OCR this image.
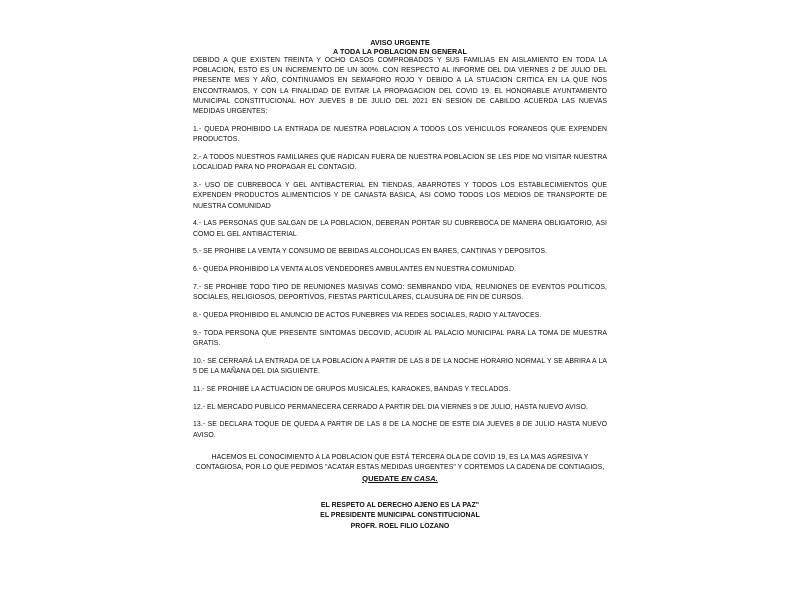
AVISO URGENTE

A TODA LA POBLACION EN GENERAL

DEBIDO A QUE EXISTEN TREINTA Y OCHO CASOS COMPROBADOS Y SUS FAMILIAS EN AISLAMIENTO EN TODA LA POBLACION, ESTO ES UN INCREMENTO DE UN 300%. CON RESPECTO AL INFORME DEL DIA VIERNES 2 DE JULIO DEL PRESENTE MES Y AÑO, CONTINUAMOS EN SEMAFORO ROJO Y DEBIDO A LA STUACION CRITICA EN LA QUE NOS ENCONTRAMOS, Y CON LA FINALIDAD DE EVITAR LA PROPAGACION DEL COVID 19. EL HONORABLE AYUNTAMIENTO MUNICIPAL CONSTITUCIONAL HOY JUEVES 8 DE JULIO DEL 2021 EN SESION DE CABILDO ACUERDA LAS NUEVAS MEDIDAS URGENTES:

1.- QUEDA PROHIBIDO LA ENTRADA DE NUESTRA POBLACION A TODOS LOS VEHICULOS FORANEOS QUE EXPENDEN PRODUCTOS.

2.- A TODOS NUESTROS FAMILIARES QUE RADICAN FUERA DE NUESTRA POBLACION SE LES PIDE NO VISITAR NUESTRA LOCALIDAD PARA NO PROPAGAR EL CONTAGIO.

3.- USO DE CUBREBOCA Y GEL ANTIBACTERIAL EN TIENDAS, ABARROTES Y TODOS LOS ESTABLECIMIENTOS QUE EXPENDEN PRODUCTOS ALIMENTICIOS Y DE CANASTA BASICA, ASI COMO TODOS LOS MEDIOS DE TRANSPORTE DE NUESTRA COMUNIDAD

4.- LAS PERSONAS QUE SALGAN DE LA POBLACION, DEBERAN PORTAR SU CUBREBOCA DE MANERA OBLIGATORIO, ASI COMO EL GEL ANTIBACTERIAL

5.- SE PROHIBE LA VENTA Y CONSUMO DE BEBIDAS ALCOHOLICAS EN BARES, CANTINAS Y DEPOSITOS.

6.- QUEDA PROHIBIDO LA VENTA ALOS VENDEDORES AMBULANTES EN NUESTRA COMUNIDAD.

7.- SE PROHIBE TODO TIPO DE REUNIONES MASIVAS COMO: SEMBRANDO VIDA, REUNIONES DE EVENTOS POLITICOS, SOCIALES, RELIGIOSOS, DEPORTIVOS, FIESTAS PARTICULARES, CLAUSURA DE FIN DE CURSOS.

8.- QUEDA PROHIBIDO EL ANUNCIO DE ACTOS FUNEBRES VIA REDES SOCIALES, RADIO Y ALTAVOCES.

9.- TODA PERSONA QUE PRESENTE SINTOMAS DECOVID, ACUDIR AL PALACIO MUNICIPAL PARA LA TOMA DE MUESTRA GRATIS.

10.- SE CERRARÁ LA ENTRADA DE LA POBLACION A PARTIR DE LAS 8 DE LA NOCHE HORARIO NORMAL Y SE ABRIRA A LA 5 DE LA MAÑANA DEL DIA SIGUIENTE.

11.- SE PROHIBE LA ACTUACION DE GRUPOS MUSICALES, KARAOKES, BANDAS Y TECLADOS.

12.- EL MERCADO PUBLICO PERMANECERA CERRADO A PARTIR DEL DIA VIERNES 9 DE JULIO, HASTA NUEVO AVISO.

13.- SE DECLARA TOQUE DE QUEDA A PARTIR DE LAS 8 DE LA NOCHE DE ESTE DIA JUEVES 8 DE JULIO HASTA NUEVO AVISO.

HACEMOS EL CONOCIMIENTO A LA POBLACION QUE ESTÁ TERCERA OLA DE COVID 19, ES LA MAS AGRESIVA Y CONTAGIOSA, POR LO QUE PEDIMOS "ACATAR ESTAS MEDIDAS URGENTES" Y CORTEMOS LA CADENA DE CONTIAGIOS,
QUEDATE EN CASA.

EL RESPETO AL DERECHO AJENO ES LA PAZ"
EL PRESIDENTE MUNICIPAL CONSTITUCIONAL
PROFR. ROEL FILIO LOZANO
